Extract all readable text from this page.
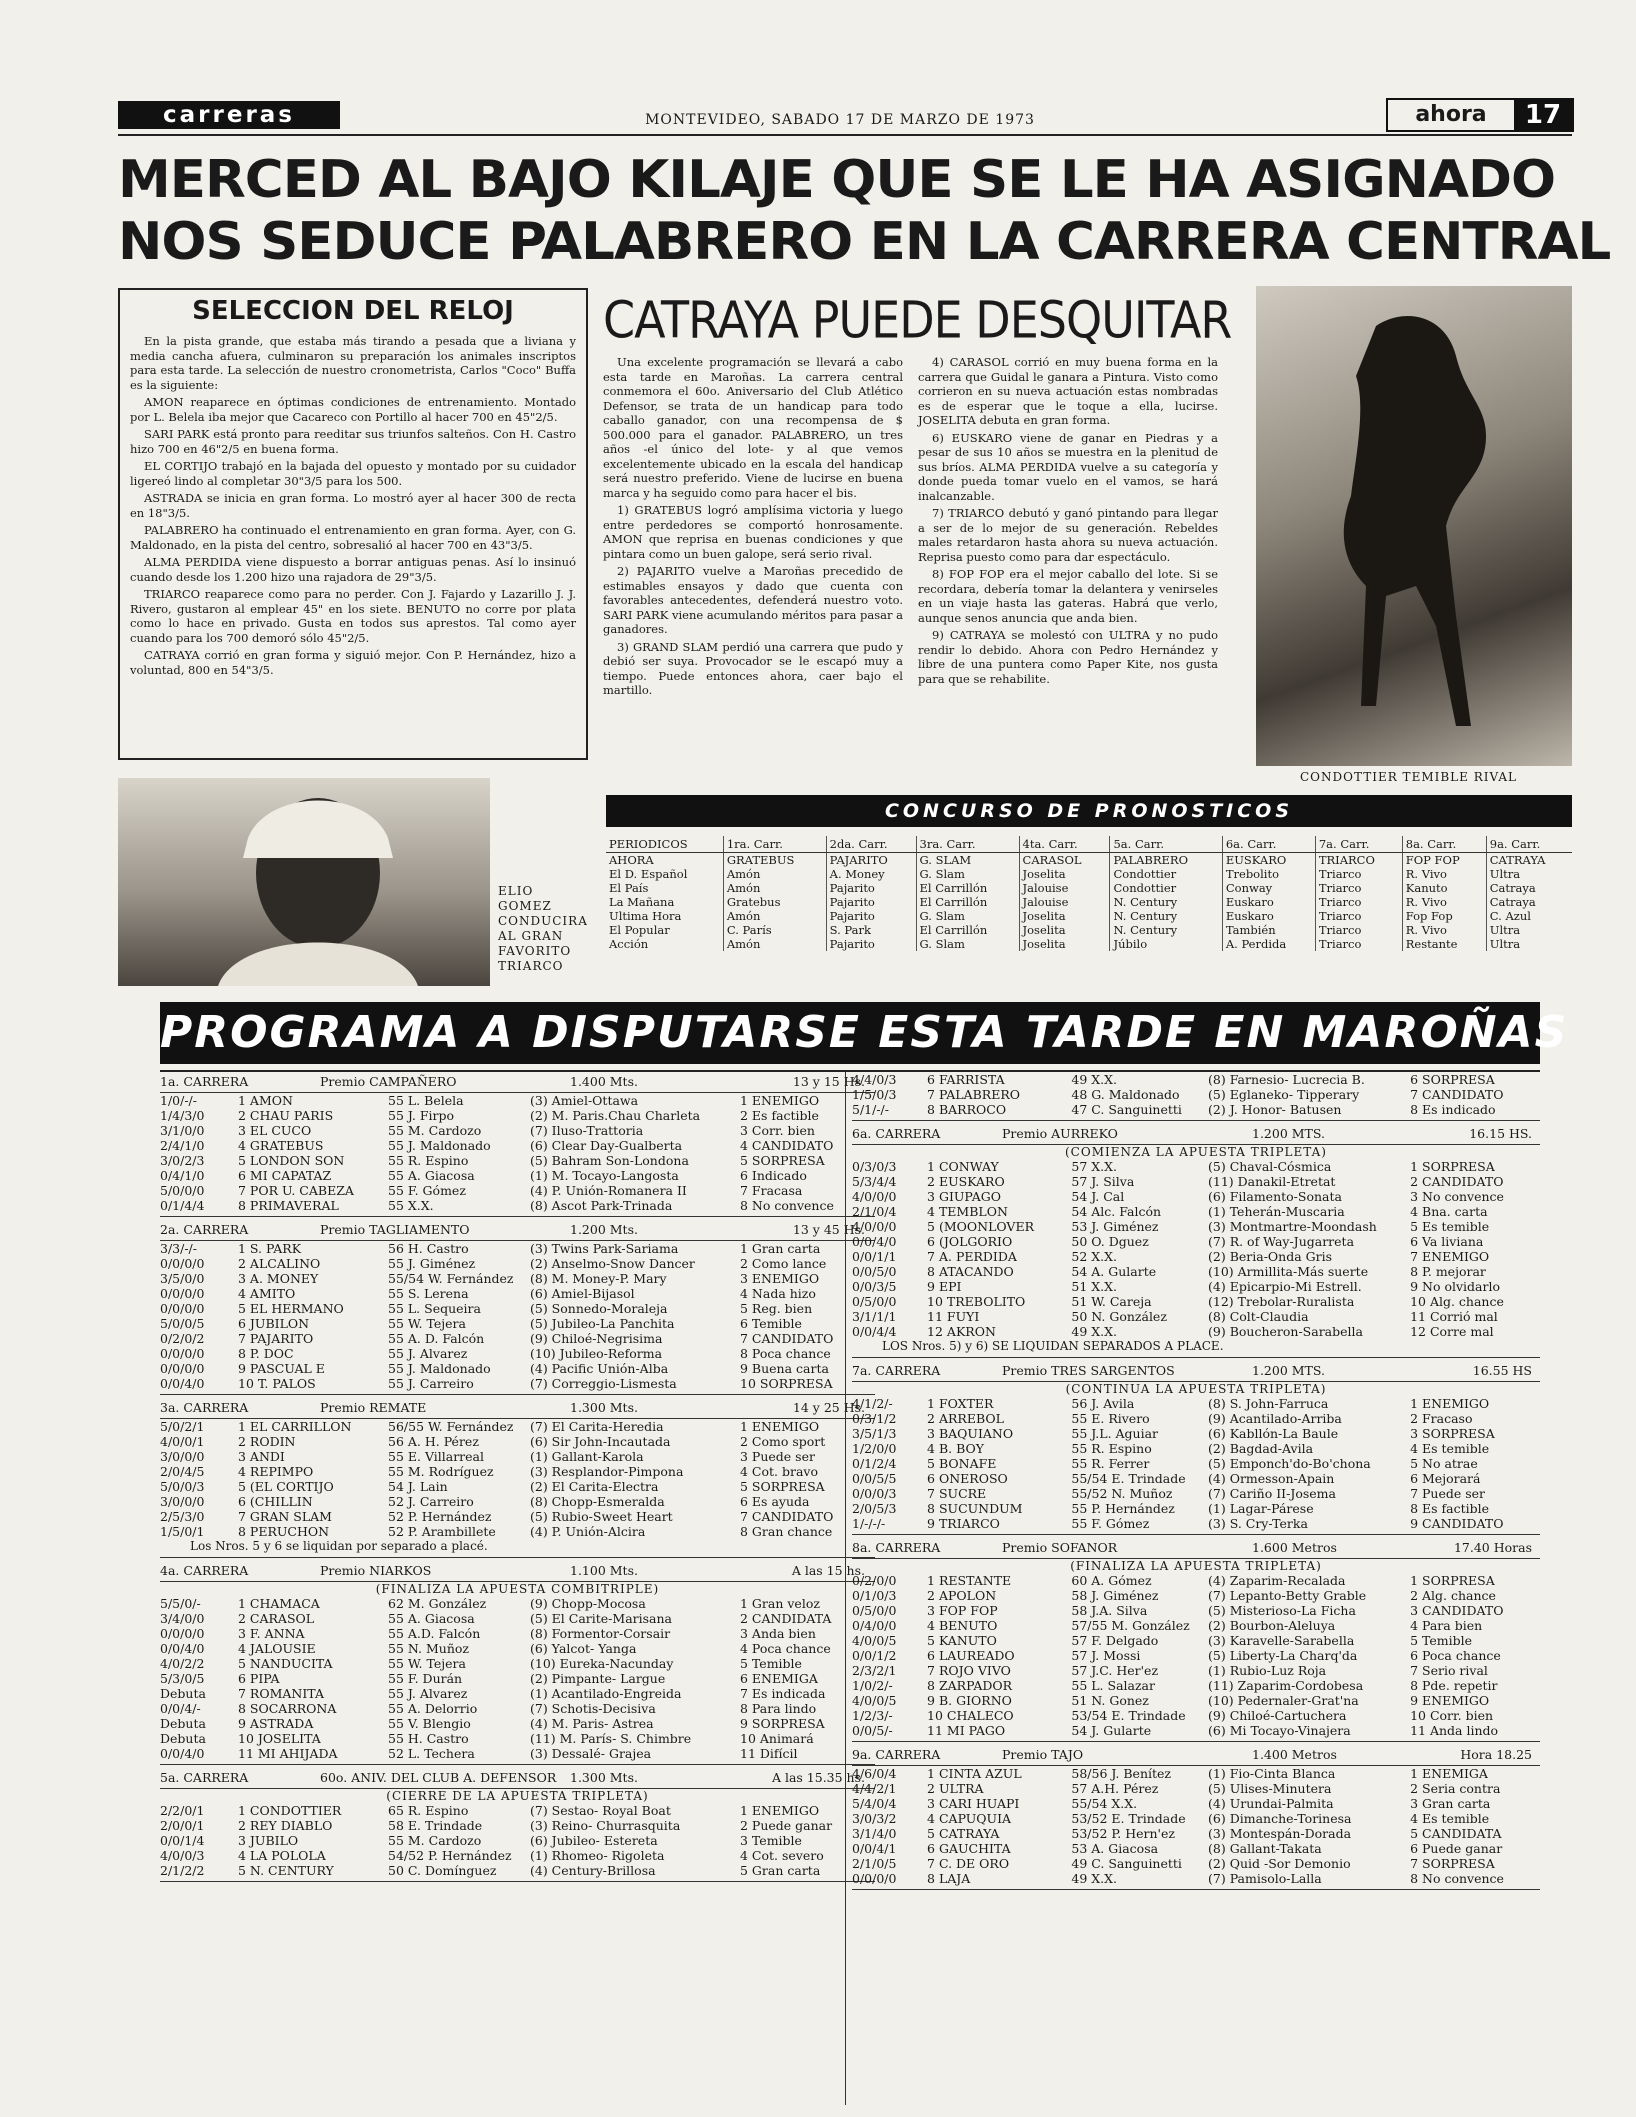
carreras	MONTEVIDEO, SABADO 17 DE MARZO DE 1973	ahora	17
MERCED AL BAJO KILAJE QUE SE LE HA ASIGNADO
NOS SEDUCE PALABRERO EN LA CARRERA CENTRAL
SELECCION DEL RELOJ

En la pista grande, que estaba más tirando a pesada que a liviana y media cancha afuera, culminaron su preparación los animales inscriptos para esta tarde. La selección de nuestro cronometrista, Carlos "Coco" Buffa es la siguiente:

AMON reaparece en óptimas condiciones de entrenamiento. Montado por L. Belela iba mejor que Cacareco con Portillo al hacer 700 en 45"2/5.

SARI PARK está pronto para reeditar sus triunfos salteños. Con H. Castro hizo 700 en 46"2/5 en buena forma.

EL CORTIJO trabajó en la bajada del opuesto y montado por su cuidador ligereó lindo al completar 30"3/5 para los 500.

ASTRADA se inicia en gran forma. Lo mostró ayer al hacer 300 de recta en 18"3/5.

PALABRERO ha continuado el entrenamiento en gran forma. Ayer, con G. Maldonado, en la pista del centro, sobresalió al hacer 700 en 43"3/5.

ALMA PERDIDA viene dispuesto a borrar antiguas penas. Así lo insinuó cuando desde los 1.200 hizo una rajadora de 29"3/5.

TRIARCO reaparece como para no perder. Con J. Fajardo y Lazarillo J. J. Rivero, gustaron al emplear 45" en los siete. BENUTO no corre por plata como lo hace en privado. Gusta en todos sus aprestos. Tal como ayer cuando para los 700 demoró sólo 45"2/5.

CATRAYA corrió en gran forma y siguió mejor. Con P. Hernández, hizo a voluntad, 800 en 54"3/5.

CATRAYA PUEDE DESQUITAR

Una excelente programación se llevará a cabo esta tarde en Maroñas. La carrera central conmemora el 60o. Aniversario del Club Atlético Defensor, se trata de un handicap para todo caballo ganador, con una recompensa de $ 500.000 para el ganador. PALABRERO, un tres años -el único del lote- y al que vemos excelentemente ubicado en la escala del handicap será nuestro preferido. Viene de lucirse en buena marca y ha seguido como para hacer el bis.

1) GRATEBUS logró amplísima victoria y luego entre perdedores se comportó honrosamente. AMON que reprisa en buenas condiciones y que pintara como un buen galope, será serio rival.

2) PAJARITO vuelve a Maroñas precedido de estimables ensayos y dado que cuenta con favorables antecedentes, defenderá nuestro voto. SARI PARK viene acumulando méritos para pasar a ganadores.

3) GRAND SLAM perdió una carrera que pudo y debió ser suya. Provocador se le escapó muy a tiempo. Puede entonces ahora, caer bajo el martillo.

4) CARASOL corrió en muy buena forma en la carrera que Guidal le ganara a Pintura. Visto como corrieron en su nueva actuación estas nombradas es de esperar que le toque a ella, lucirse. JOSELITA debuta en gran forma.

6) EUSKARO viene de ganar en Piedras y a pesar de sus 10 años se muestra en la plenitud de sus bríos. ALMA PERDIDA vuelve a su categoría y donde pueda tomar vuelo en el vamos, se hará inalcanzable.

7) TRIARCO debutó y ganó pintando para llegar a ser de lo mejor de su generación. Rebeldes males retardaron hasta ahora su nueva actuación. Reprisa puesto como para dar espectáculo.

8) FOP FOP era el mejor caballo del lote. Si se recordara, debería tomar la delantera y venirseles en un viaje hasta las gateras. Habrá que verlo, aunque senos anuncia que anda bien.

9) CATRAYA se molestó con ULTRA y no pudo rendir lo debido. Ahora con Pedro Hernández y libre de una puntera como Paper Kite, nos gusta para que se rehabilite.

CONDOTTIER TEMIBLE RIVAL
ELIO
GOMEZ
CONDUCIRA
AL GRAN
FAVORITO
TRIARCO
CONCURSO DE PRONOSTICOS
PERIODICOS	1ra. Carr.	2da. Carr.	3ra. Carr.	4ta. Carr.	5a. Carr.	6a. Carr.	7a. Carr.	8a. Carr.	9a. Carr.
AHORA	GRATEBUS	PAJARITO	G. SLAM	CARASOL	PALABRERO	EUSKARO	TRIARCO	FOP FOP	CATRAYA
El D. Español	Amón	A. Money	G. Slam	Joselita	Condottier	Trebolito	Triarco	R. Vivo	Ultra
El País	Amón	Pajarito	El Carrillón	Jalouise	Condottier	Conway	Triarco	Kanuto	Catraya
La Mañana	Gratebus	Pajarito	El Carrillón	Jalouise	N. Century	Euskaro	Triarco	R. Vivo	Catraya
Ultima Hora	Amón	Pajarito	G. Slam	Joselita	N. Century	Euskaro	Triarco	Fop Fop	C. Azul
El Popular	C. París	S. Park	El Carrillón	Joselita	N. Century	También	Triarco	R. Vivo	Ultra
Acción	Amón	Pajarito	G. Slam	Joselita	Júbilo	A. Perdida	Triarco	Restante	Ultra
PROGRAMA A DISPUTARSE ESTA TARDE EN MAROÑAS
1a. CARRERA	Premio CAMPAÑERO	1.400 Mts.	13 y 15 Hs.
1/0/-/-	1 AMON	55 L. Belela	(3) Amiel-Ottawa	1 ENEMIGO
1/4/3/0	2 CHAU PARIS	55 J. Firpo	(2) M. Paris.Chau Charleta	2 Es factible
3/1/0/0	3 EL CUCO	55 M. Cardozo	(7) Iluso-Trattoria	3 Corr. bien
2/4/1/0	4 GRATEBUS	55 J. Maldonado	(6) Clear Day-Gualberta	4 CANDIDATO
3/0/2/3	5 LONDON SON	55 R. Espino	(5) Bahram Son-Londona	5 SORPRESA
0/4/1/0	6 MI CAPATAZ	55 A. Giacosa	(1) M. Tocayo-Langosta	6 Indicado
5/0/0/0	7 POR U. CABEZA	55 F. Gómez	(4) P. Unión-Romanera II	7 Fracasa
0/1/4/4	8 PRIMAVERAL	55 X.X.	(8) Ascot Park-Trinada	8 No convence
2a. CARRERA	Premio TAGLIAMENTO	1.200 Mts.	13 y 45 Hs.
3/3/-/-	1 S. PARK	56 H. Castro	(3) Twins Park-Sariama	1 Gran carta
0/0/0/0	2 ALCALINO	55 J. Giménez	(2) Anselmo-Snow Dancer	2 Como lance
3/5/0/0	3 A. MONEY	55/54 W. Fernández	(8) M. Money-P. Mary	3 ENEMIGO
0/0/0/0	4 AMITO	55 S. Lerena	(6) Amiel-Bijasol	4 Nada hizo
0/0/0/0	5 EL HERMANO	55 L. Sequeira	(5) Sonnedo-Moraleja	5 Reg. bien
5/0/0/5	6 JUBILON	55 W. Tejera	(5) Jubileo-La Panchita	6 Temible
0/2/0/2	7 PAJARITO	55 A. D. Falcón	(9) Chiloé-Negrisima	7 CANDIDATO
0/0/0/0	8 P. DOC	55 J. Alvarez	(10) Jubileo-Reforma	8 Poca chance
0/0/0/0	9 PASCUAL E	55 J. Maldonado	(4) Pacific Unión-Alba	9 Buena carta
0/0/4/0	10 T. PALOS	55 J. Carreiro	(7) Correggio-Lismesta	10 SORPRESA
3a. CARRERA	Premio REMATE	1.300 Mts.	14 y 25 Hs.
5/0/2/1	1 EL CARRILLON	56/55 W. Fernández	(7) El Carita-Heredia	1 ENEMIGO
4/0/0/1	2 RODIN	56 A. H. Pérez	(6) Sir John-Incautada	2 Como sport
3/0/0/0	3 ANDI	55 E. Villarreal	(1) Gallant-Karola	3 Puede ser
2/0/4/5	4 REPIMPO	55 M. Rodríguez	(3) Resplandor-Pimpona	4 Cot. bravo
5/0/0/3	5 (EL CORTIJO	54 J. Lain	(2) El Carita-Electra	5 SORPRESA
3/0/0/0	6 (CHILLIN	52 J. Carreiro	(8) Chopp-Esmeralda	6 Es ayuda
2/5/3/0	7 GRAN SLAM	52 P. Hernández	(5) Rubio-Sweet Heart	7 CANDIDATO
1/5/0/1	8 PERUCHON	52 P. Arambillete	(4) P. Unión-Alcira	8 Gran chance
Los Nros. 5 y 6 se liquidan por separado a placé.
4a. CARRERA	Premio NIARKOS	1.100 Mts.	A las 15 hs.
(FINALIZA LA APUESTA COMBITRIPLE)
5/5/0/-	1 CHAMACA	62 M. González	(9) Chopp-Mocosa	1 Gran veloz
3/4/0/0	2 CARASOL	55 A. Giacosa	(5) El Carite-Marisana	2 CANDIDATA
0/0/0/0	3 F. ANNA	55 A.D. Falcón	(8) Formentor-Corsair	3 Anda bien
0/0/4/0	4 JALOUSIE	55 N. Muñoz	(6) Yalcot- Yanga	4 Poca chance
4/0/2/2	5 NANDUCITA	55 W. Tejera	(10) Eureka-Nacunday	5 Temible
5/3/0/5	6 PIPA	55 F. Durán	(2) Pimpante- Largue	6 ENEMIGA
Debuta	7 ROMANITA	55 J. Alvarez	(1) Acantilado-Engreida	7 Es indicada
0/0/4/-	8 SOCARRONA	55 A. Delorrio	(7) Schotis-Decisiva	8 Para lindo
Debuta	9 ASTRADA	55 V. Blengio	(4) M. Paris- Astrea	9 SORPRESA
Debuta	10 JOSELITA	55 H. Castro	(11) M. París- S. Chimbre	10 Animará
0/0/4/0	11 MI AHIJADA	52 L. Techera	(3) Dessalé- Grajea	11 Difícil
5a. CARRERA	60o. ANIV. DEL CLUB A. DEFENSOR	1.300 Mts.	A las 15.35 hs.
(CIERRE DE LA APUESTA TRIPLETA)
2/2/0/1	1 CONDOTTIER	65 R. Espino	(7) Sestao- Royal Boat	1 ENEMIGO
2/0/0/1	2 REY DIABLO	58 E. Trindade	(3) Reino- Churrasquita	2 Puede ganar
0/0/1/4	3 JUBILO	55 M. Cardozo	(6) Jubileo- Estereta	3 Temible
4/0/0/3	4 LA POLOLA	54/52 P. Hernández	(1) Rhomeo- Rigoleta	4 Cot. severo
2/1/2/2	5 N. CENTURY	50 C. Domínguez	(4) Century-Brillosa	5 Gran carta
4/4/0/3	6 FARRISTA	49 X.X.	(8) Farnesio- Lucrecia B.	6 SORPRESA
1/5/0/3	7 PALABRERO	48 G. Maldonado	(5) Eglaneko- Tipperary	7 CANDIDATO
5/1/-/-	8 BARROCO	47 C. Sanguinetti	(2) J. Honor- Batusen	8 Es indicado
6a. CARRERA	Premio AURREKO	1.200 MTS.	16.15 HS.
(COMIENZA LA APUESTA TRIPLETA)
0/3/0/3	1 CONWAY	57 X.X.	(5) Chaval-Cósmica	1 SORPRESA
5/3/4/4	2 EUSKARO	57 J. Silva	(11) Danakil-Etretat	2 CANDIDATO
4/0/0/0	3 GIUPAGO	54 J. Cal	(6) Filamento-Sonata	3 No convence
2/1/0/4	4 TEMBLON	54 Alc. Falcón	(1) Teherán-Muscaria	4 Bna. carta
4/0/0/0	5 (MOONLOVER	53 J. Giménez	(3) Montmartre-Moondash	5 Es temible
0/0/4/0	6 (JOLGORIO	50 O. Dguez	(7) R. of Way-Jugarreta	6 Va liviana
0/0/1/1	7 A. PERDIDA	52 X.X.	(2) Beria-Onda Gris	7 ENEMIGO
0/0/5/0	8 ATACANDO	54 A. Gularte	(10) Armillita-Más suerte	8 P. mejorar
0/0/3/5	9 EPI	51 X.X.	(4) Epicarpio-Mi Estrell.	9 No olvidarlo
0/5/0/0	10 TREBOLITO	51 W. Careja	(12) Trebolar-Ruralista	10 Alg. chance
3/1/1/1	11 FUYI	50 N. González	(8) Colt-Claudia	11 Corrió mal
0/0/4/4	12 AKRON	49 X.X.	(9) Boucheron-Sarabella	12 Corre mal
LOS Nros. 5) y 6) SE LIQUIDAN SEPARADOS A PLACE.
7a. CARRERA	Premio TRES SARGENTOS	1.200 MTS.	16.55 HS
(CONTINUA LA APUESTA TRIPLETA)
4/1/2/-	1 FOXTER	56 J. Avila	(8) S. John-Farruca	1 ENEMIGO
0/3/1/2	2 ARREBOL	55 E. Rivero	(9) Acantilado-Arriba	2 Fracaso
3/5/1/3	3 BAQUIANO	55 J.L. Aguiar	(6) Kabllón-La Baule	3 SORPRESA
1/2/0/0	4 B. BOY	55 R. Espino	(2) Bagdad-Avila	4 Es temible
0/1/2/4	5 BONAFE	55 R. Ferrer	(5) Emponch'do-Bo'chona	5 No atrae
0/0/5/5	6 ONEROSO	55/54 E. Trindade	(4) Ormesson-Apain	6 Mejorará
0/0/0/3	7 SUCRE	55/52 N. Muñoz	(7) Cariño II-Josema	7 Puede ser
2/0/5/3	8 SUCUNDUM	55 P. Hernández	(1) Lagar-Párese	8 Es factible
1/-/-/-	9 TRIARCO	55 F. Gómez	(3) S. Cry-Terka	9 CANDIDATO
8a. CARRERA	Premio SOFANOR	1.600 Metros	17.40 Horas
(FINALIZA LA APUESTA TRIPLETA)
0/2/0/0	1 RESTANTE	60 A. Gómez	(4) Zaparim-Recalada	1 SORPRESA
0/1/0/3	2 APOLON	58 J. Giménez	(7) Lepanto-Betty Grable	2 Alg. chance
0/5/0/0	3 FOP FOP	58 J.A. Silva	(5) Misterioso-La Ficha	3 CANDIDATO
0/4/0/0	4 BENUTO	57/55 M. González	(2) Bourbon-Aleluya	4 Para bien
4/0/0/5	5 KANUTO	57 F. Delgado	(3) Karavelle-Sarabella	5 Temible
0/0/1/2	6 LAUREADO	57 J. Mossi	(5) Liberty-La Charq'da	6 Poca chance
2/3/2/1	7 ROJO VIVO	57 J.C. Her'ez	(1) Rubio-Luz Roja	7 Serio rival
1/0/2/-	8 ZARPADOR	55 L. Salazar	(11) Zaparim-Cordobesa	8 Pde. repetir
4/0/0/5	9 B. GIORNO	51 N. Gonez	(10) Pedernaler-Grat'na	9 ENEMIGO
1/2/3/-	10 CHALECO	53/54 E. Trindade	(9) Chiloé-Cartuchera	10 Corr. bien
0/0/5/-	11 MI PAGO	54 J. Gularte	(6) Mi Tocayo-Vinajera	11 Anda lindo
9a. CARRERA	Premio TAJO	1.400 Metros	Hora 18.25
4/6/0/4	1 CINTA AZUL	58/56 J. Benítez	(1) Fio-Cinta Blanca	1 ENEMIGA
4/4/2/1	2 ULTRA	57 A.H. Pérez	(5) Ulises-Minutera	2 Seria contra
5/4/0/4	3 CARI HUAPI	55/54 X.X.	(4) Urundai-Palmita	3 Gran carta
3/0/3/2	4 CAPUQUIA	53/52 E. Trindade	(6) Dimanche-Torinesa	4 Es temible
3/1/4/0	5 CATRAYA	53/52 P. Hern'ez	(3) Montespán-Dorada	5 CANDIDATA
0/0/4/1	6 GAUCHITA	53 A. Giacosa	(8) Gallant-Takata	6 Puede ganar
2/1/0/5	7 C. DE ORO	49 C. Sanguinetti	(2) Quid -Sor Demonio	7 SORPRESA
0/0/0/0	8 LAJA	49 X.X.	(7) Pamisolo-Lalla	8 No convence
